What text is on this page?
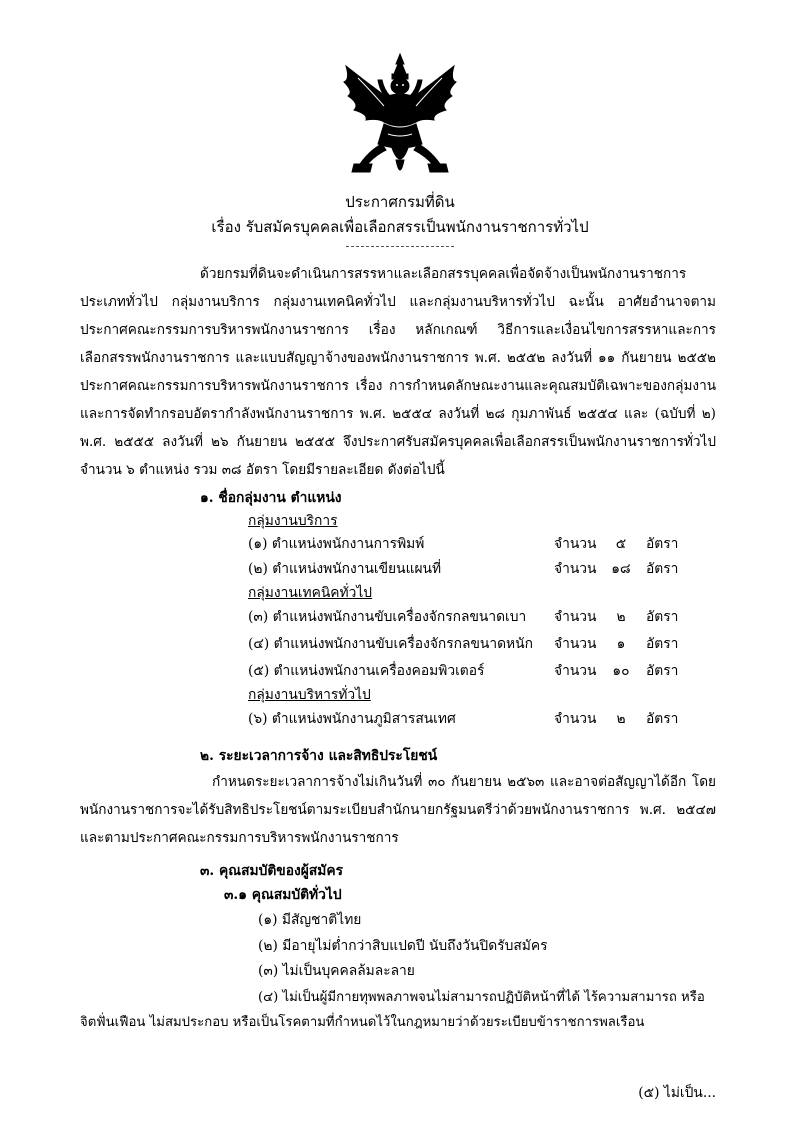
ประกาศกรมที่ดิน
เรื่อง รับสมัครบุคคลเพื่อเลือกสรรเป็นพนักงานราชการทั่วไป
ด้วยกรมที่ดินจะดำเนินการสรรหาและเลือกสรรบุคคลเพื่อจัดจ้างเป็นพนักงานราชการประเภททั่วไป กลุ่มงานบริการ กลุ่มงานเทคนิคทั่วไป และกลุ่มงานบริหารทั่วไป ฉะนั้น อาศัยอำนาจตามประกาศคณะกรรมการบริหารพนักงานราชการ เรื่อง หลักเกณฑ์ วิธีการและเงื่อนไขการสรรหาและการเลือกสรรพนักงานราชการ และแบบสัญญาจ้างของพนักงานราชการ พ.ศ. ๒๕๕๒ ลงวันที่ ๑๑ กันยายน ๒๕๕๒ ประกาศคณะกรรมการบริหารพนักงานราชการ เรื่อง การกำหนดลักษณะงานและคุณสมบัติเฉพาะของกลุ่มงานและการจัดทำกรอบอัตรากำลังพนักงานราชการ พ.ศ. ๒๕๕๔ ลงวันที่ ๒๘ กุมภาพันธ์ ๒๕๕๔ และ (ฉบับที่ ๒) พ.ศ. ๒๕๕๕ ลงวันที่ ๒๖ กันยายน ๒๕๕๕ จึงประกาศรับสมัครบุคคลเพื่อเลือกสรรเป็นพนักงานราชการทั่วไป จำนวน ๖ ตำแหน่ง รวม ๓๘ อัตรา โดยมีรายละเอียด ดังต่อไปนี้
๑. ชื่อกลุ่มงาน ตำแหน่ง
กลุ่มงานบริการ
(๑) ตำแหน่งพนักงานการพิมพ์	จำนวน	๕	อัตรา
(๒) ตำแหน่งพนักงานเขียนแผนที่	จำนวน	๑๘	อัตรา
กลุ่มงานเทคนิคทั่วไป
(๓) ตำแหน่งพนักงานขับเครื่องจักรกลขนาดเบา จำนวน	๒	อัตรา
(๔) ตำแหน่งพนักงานขับเครื่องจักรกลขนาดหนัก จำนวน	๑	อัตรา
(๕) ตำแหน่งพนักงานเครื่องคอมพิวเตอร์	จำนวน	๑๐	อัตรา
กลุ่มงานบริหารทั่วไป
(๖) ตำแหน่งพนักงานภูมิสารสนเทศ	จำนวน	๒	อัตรา
๒. ระยะเวลาการจ้าง และสิทธิประโยชน์
กำหนดระยะเวลาการจ้างไม่เกินวันที่ ๓๐ กันยายน ๒๕๖๓ และอาจต่อสัญญาได้อีก โดยพนักงานราชการจะได้รับสิทธิประโยชน์ตามระเบียบสำนักนายกรัฐมนตรีว่าด้วยพนักงานราชการ พ.ศ. ๒๕๔๗ และตามประกาศคณะกรรมการบริหารพนักงานราชการ
๓. คุณสมบัติของผู้สมัคร
๓.๑ คุณสมบัติทั่วไป
(๑) มีสัญชาติไทย
(๒) มีอายุไม่ต่ำกว่าสิบแปดปี นับถึงวันปิดรับสมัคร
(๓) ไม่เป็นบุคคลล้มละลาย
(๔) ไม่เป็นผู้มีกายทุพพลภาพจนไม่สามารถปฏิบัติหน้าที่ได้ ไร้ความสามารถ หรือ
จิตฟั่นเฟือน ไม่สมประกอบ หรือเป็นโรคตามที่กำหนดไว้ในกฎหมายว่าด้วยระเบียบข้าราชการพลเรือน
(๕) ไม่เป็น...
